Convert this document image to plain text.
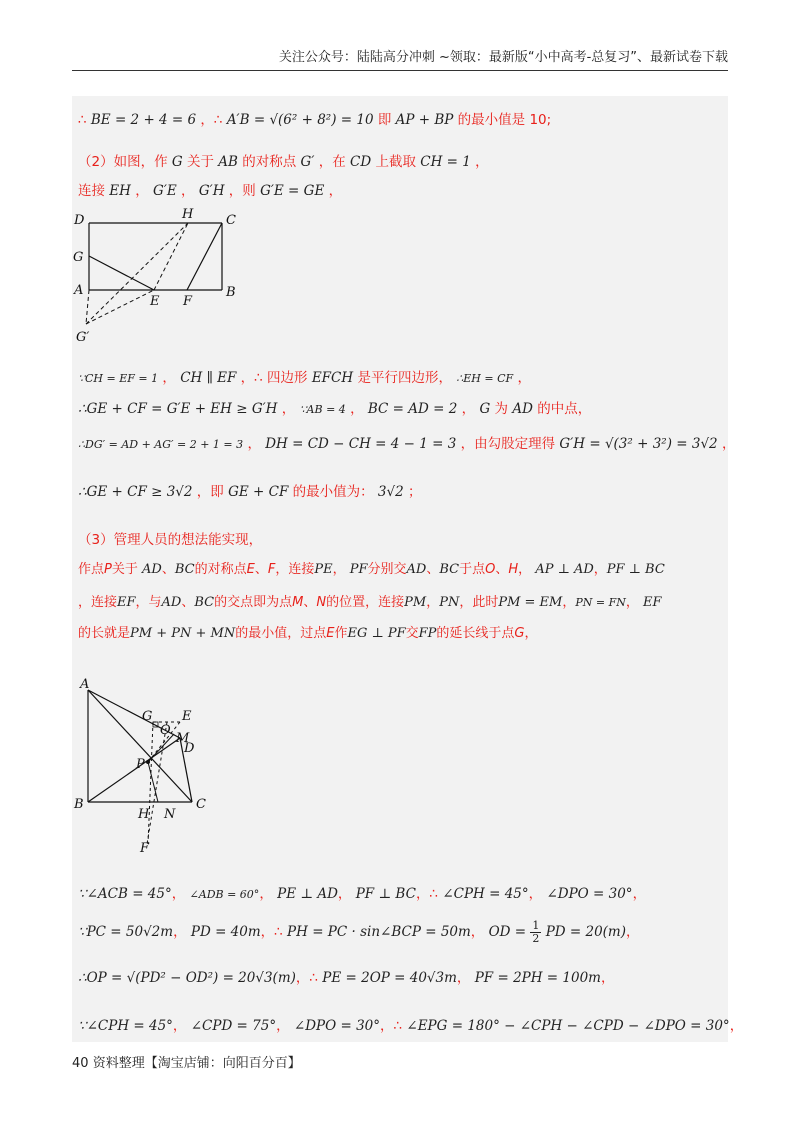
关注公众号：陆陆高分冲刺 ~领取：最新版“小中高考-总复习”、最新试卷下载
∴ BE = 2 + 4 = 6 ，∴ A′B = √(6² + 8²) = 10 即 AP + BP 的最小值是 10;
（2）如图，作 G 关于 AB 的对称点 G′ ，在 CD 上截取 CH = 1 ，
连接 EH ， G′E ， G′H ，则 G′E = GE ，
D	H	C
G
A
E F
B
G′
∵CH = EF = 1 ， CH ∥ EF ，∴ 四边形 EFCH 是平行四边形， ∴EH = CF ，
∴GE + CF = G′E + EH ≥ G′H ， ∵AB = 4 ， BC = AD = 2 ， G 为 AD 的中点，
∴DG′ = AD + AG′ = 2 + 1 = 3 ， DH = CD − CH = 4 − 1 = 3 ，由勾股定理得 G′H = √(3² + 3²) = 3√2 ，
∴GE + CF ≥ 3√2 ，即 GE + CF 的最小值为： 3√2 ；
（3）管理人员的想法能实现，
作点P关于 AD、BC的对称点E、F，连接PE， PF分别交AD、BC于点O、H， AP ⊥ AD，PF ⊥ BC
，连接EF，与AD、BC的交点即为点M、N的位置，连接PM，PN，此时PM = EM，PN = FN， EF
的长就是PM + PN + MN的最小值，过点E作EG ⊥ PF交FP的延长线于点G，
A
G E
O
M
D
P
B
H N
C
F
∵∠ACB = 45°， ∠ADB = 60°， PE ⊥ AD， PF ⊥ BC，∴ ∠CPH = 45°， ∠DPO = 30°，
∵PC = 50√2m， PD = 40m，∴ PH = PC · sin∠BCP = 50m， OD = $\frac{1}{2}$ PD = 20(m)，
∴OP = √(PD² − OD²) = 20√3(m)，∴ PE = 2OP = 40√3m， PF = 2PH = 100m，
∵∠CPH = 45°， ∠CPD = 75°， ∠DPO = 30°，∴ ∠EPG = 180° − ∠CPH − ∠CPD − ∠DPO = 30°，
40 资料整理【淘宝店铺：向阳百分百】
